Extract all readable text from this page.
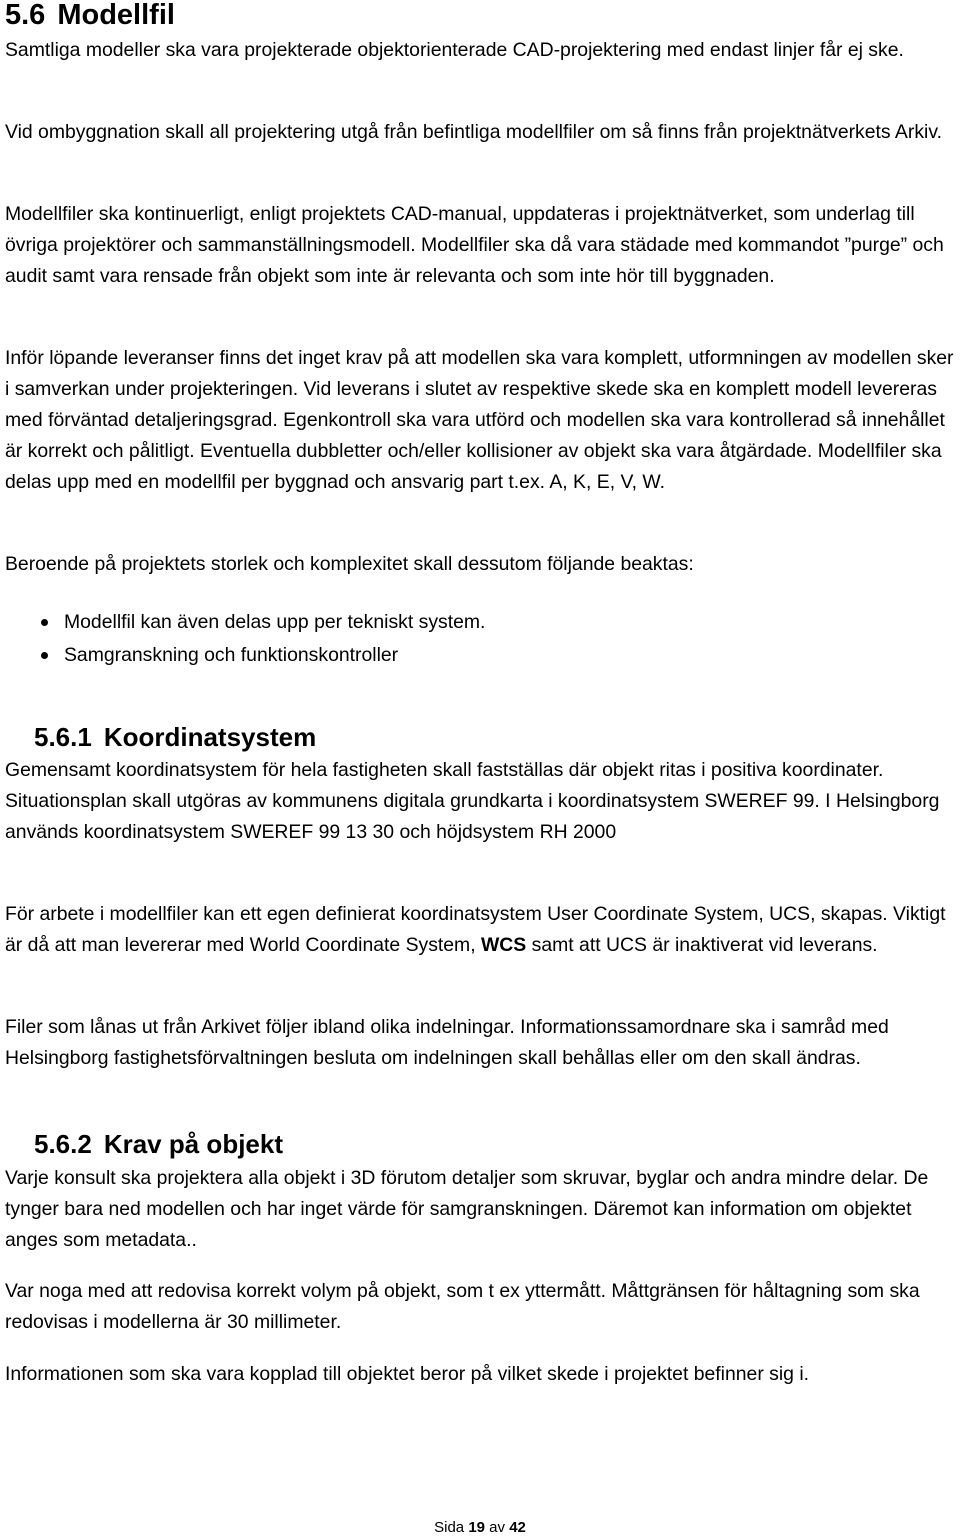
5.6 Modellfil

Samtliga modeller ska vara projekterade objektorienterade CAD-projektering med endast linjer får ej ske.

Vid ombyggnation skall all projektering utgå från befintliga modellfiler om så finns från projektnätverkets Arkiv.

Modellfiler ska kontinuerligt, enligt projektets CAD-manual, uppdateras i projektnätverket, som underlag till övriga projektörer och sammanställningsmodell. Modellfiler ska då vara städade med kommandot ”purge” och audit samt vara rensade från objekt som inte är relevanta och som inte hör till byggnaden.

Inför löpande leveranser finns det inget krav på att modellen ska vara komplett, utformningen av modellen sker i samverkan under projekteringen. Vid leverans i slutet av respektive skede ska en komplett modell levereras med förväntad detaljeringsgrad. Egenkontroll ska vara utförd och modellen ska vara kontrollerad så innehållet är korrekt och pålitligt. Eventuella dubbletter och/eller kollisioner av objekt ska vara åtgärdade. Modellfiler ska delas upp med en modellfil per byggnad och ansvarig part t.ex. A, K, E, V, W.

Beroende på projektets storlek och komplexitet skall dessutom följande beaktas:

Modellfil kan även delas upp per tekniskt system.
Samgranskning och funktionskontroller
5.6.1 Koordinatsystem

Gemensamt koordinatsystem för hela fastigheten skall fastställas där objekt ritas i positiva koordinater. Situationsplan skall utgöras av kommunens digitala grundkarta i koordinatsystem SWEREF 99. I Helsingborg används koordinatsystem SWEREF 99 13 30 och höjdsystem RH 2000

För arbete i modellfiler kan ett egen definierat koordinatsystem User Coordinate System, UCS, skapas. Viktigt är då att man levererar med World Coordinate System, WCS samt att UCS är inaktiverat vid leverans.

Filer som lånas ut från Arkivet följer ibland olika indelningar. Informationssamordnare ska i samråd med Helsingborg fastighetsförvaltningen besluta om indelningen skall behållas eller om den skall ändras.

5.6.2 Krav på objekt

Varje konsult ska projektera alla objekt i 3D förutom detaljer som skruvar, byglar och andra mindre delar. De tynger bara ned modellen och har inget värde för samgranskningen. Däremot kan information om objektet anges som metadata..

Var noga med att redovisa korrekt volym på objekt, som t ex yttermått. Måttgränsen för håltagning som ska redovisas i modellerna är 30 millimeter.

Informationen som ska vara kopplad till objektet beror på vilket skede i projektet befinner sig i.

Sida 19 av 42
